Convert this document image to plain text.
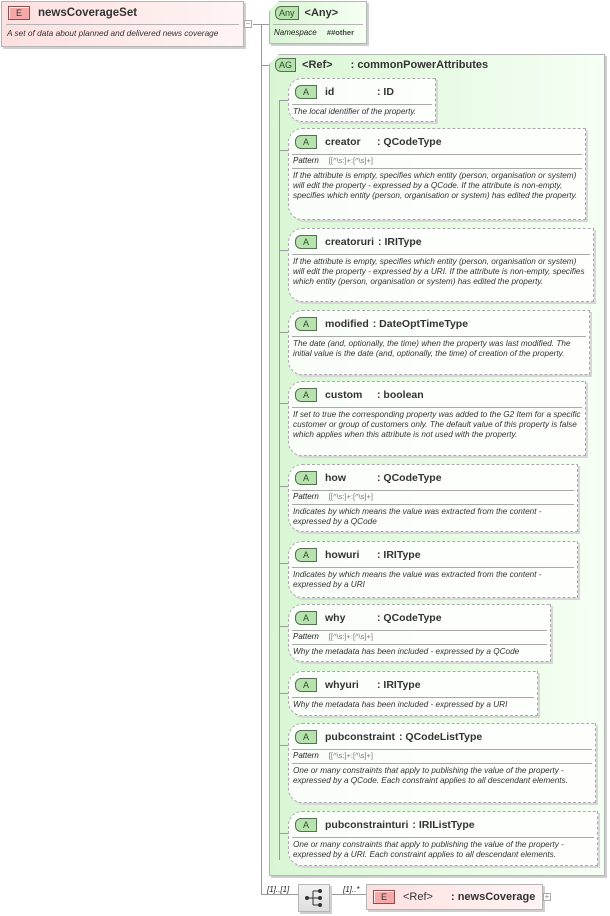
E	newsCoverageSet
A set of data about planned and delivered news coverage
−
Any <Any>
Namespace ##other
AG <Ref> : commonPowerAttributes
A	id	: ID
The local identifier of the property.
A	creator	: QCodeType
Pattern [[^\s:]+:[^\s]+]
If the attribute is empty, specifies which entity (person, organisation or system) will edit the property - expressed by a QCode. If the attribute is non-empty, specifies which entity (person, organisation or system) has edited the property.
A	creatoruri : IRIType
If the attribute is empty, specifies which entity (person, organisation or system) will edit the property - expressed by a URI. If the attribute is non-empty, specifies which entity (person, organisation or system) has edited the property.
A	modified : DateOptTimeType
The date (and, optionally, the time) when the property was last modified. The initial value is the date (and, optionally, the time) of creation of the property.
A	custom	: boolean
If set to true the corresponding property was added to the G2 Item for a specific customer or group of customers only. The default value of this property is false which applies when this attribute is not used with the property.
A	how	: QCodeType
Pattern [[^\s:]+:[^\s]+]
Indicates by which means the value was extracted from the content - expressed by a QCode
A	howuri	: IRIType
Indicates by which means the value was extracted from the content - expressed by a URI
A	why	: QCodeType
Pattern [[^\s:]+:[^\s]+]
Why the metadata has been included - expressed by a QCode
A	whyuri	: IRIType
Why the metadata has been included - expressed by a URI
A	pubconstraint : QCodeListType
Pattern [[^\s:]+:[^\s]+]
One or many constraints that apply to publishing the value of the property - expressed by a QCode. Each constraint applies to all descendant elements.
A	pubconstrainturi : IRIListType
One or many constraints that apply to publishing the value of the property - expressed by a URI. Each constraint applies to all descendant elements.
[1]..[1]	[1]..*
E	<Ref> : newsCoverage +
